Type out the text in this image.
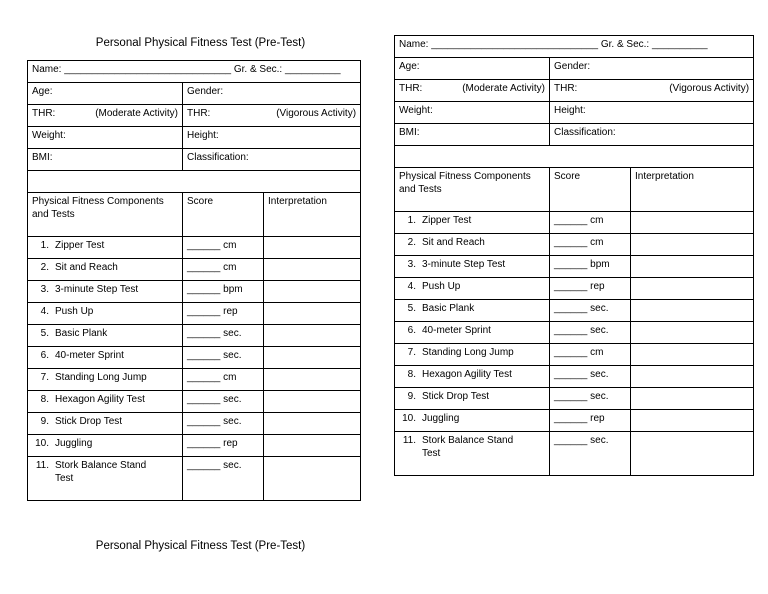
Personal Physical Fitness Test (Pre-Test)
Name: ______________________________ Gr. & Sec.: __________		
Age:	Gender:	

THR: (Moderate Activity)	THR: (Vigorous Activity)	

Weight:	Height:	
BMI:	Classification:	

Physical Fitness Components and Tests	Score	Interpretation
1. Zipper Test	______ cm	
2. Sit and Reach	______ cm	
3. 3-minute Step Test	______ bpm	
4. Push Up	______ rep	
5. Basic Plank	______ sec.	
6. 40-meter Sprint	______ sec.	
7. Standing Long Jump	______ cm	
8. Hexagon Agility Test	______ sec.	
9. Stick Drop Test	______ sec.	
10. Juggling	______ rep	
11. Stork Balance Stand Test	______ sec.	
Name: ______________________________ Gr. & Sec.: __________		
Age:	Gender:	

THR: (Moderate Activity)	THR: (Vigorous Activity)	

Weight:	Height:	
BMI:	Classification:	

Physical Fitness Components and Tests	Score	Interpretation
1. Zipper Test	______ cm	
2. Sit and Reach	______ cm	
3. 3-minute Step Test	______ bpm	
4. Push Up	______ rep	
5. Basic Plank	______ sec.	
6. 40-meter Sprint	______ sec.	
7. Standing Long Jump	______ cm	
8. Hexagon Agility Test	______ sec.	
9. Stick Drop Test	______ sec.	
10. Juggling	______ rep	
11. Stork Balance Stand Test	______ sec.	
Personal Physical Fitness Test (Pre-Test)
